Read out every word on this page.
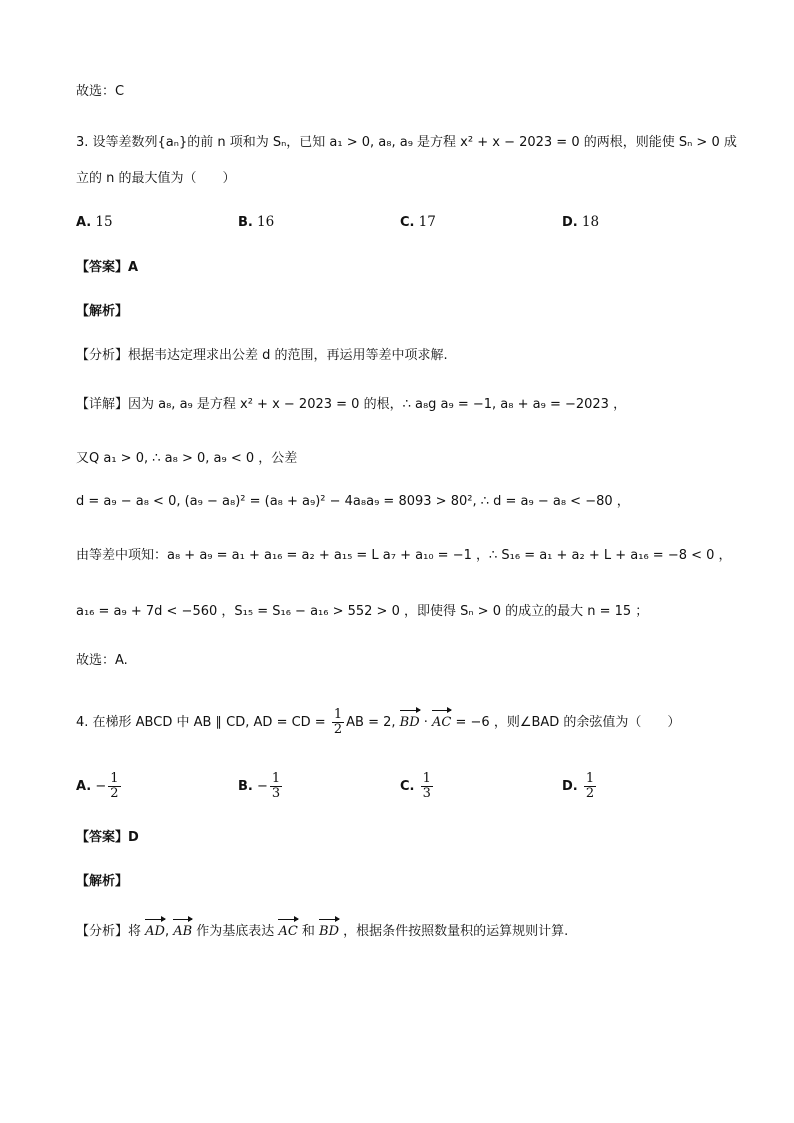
故选：C
3. 设等差数列{aₙ}的前 n 项和为 Sₙ，已知 a₁ > 0, a₈, a₉ 是方程 x² + x − 2023 = 0 的两根，则能使 Sₙ > 0 成
立的 n 的最大值为（　　）
A. 15	B. 16	C. 17	D. 18
【答案】A
【解析】
【分析】根据韦达定理求出公差 d 的范围，再运用等差中项求解.
【详解】因为 a₈, a₉ 是方程 x² + x − 2023 = 0 的根，∴ a₈g a₉ = −1, a₈ + a₉ = −2023 ，
又Q a₁ > 0, ∴ a₈ > 0, a₉ < 0 ，公差
d = a₉ − a₈ < 0, (a₉ − a₈)² = (a₈ + a₉)² − 4a₈a₉ = 8093 > 80², ∴ d = a₉ − a₈ < −80 ，
由等差中项知：a₈ + a₉ = a₁ + a₁₆ = a₂ + a₁₅ = L a₇ + a₁₀ = −1 ，∴ S₁₆ = a₁ + a₂ + L + a₁₆ = −8 < 0 ，
a₁₆ = a₉ + 7d < −560 ，S₁₅ = S₁₆ − a₁₆ > 552 > 0 ，即使得 Sₙ > 0 的成立的最大 n = 15 ；
故选：A.
4. 在梯形 ABCD 中 AB ∥ CD, AD = CD = $\frac{1}{2}$ AB = 2, BD · AC = −6 ，则∠BAD 的余弦值为（　　）
A. − $\frac{1}{2}$	B. − $\frac{1}{3}$	C. $\frac{1}{3}$	D. $\frac{1}{2}$
【答案】D
【解析】
【分析】将 AD, AB 作为基底表达 AC 和 BD ，根据条件按照数量积的运算规则计算.
